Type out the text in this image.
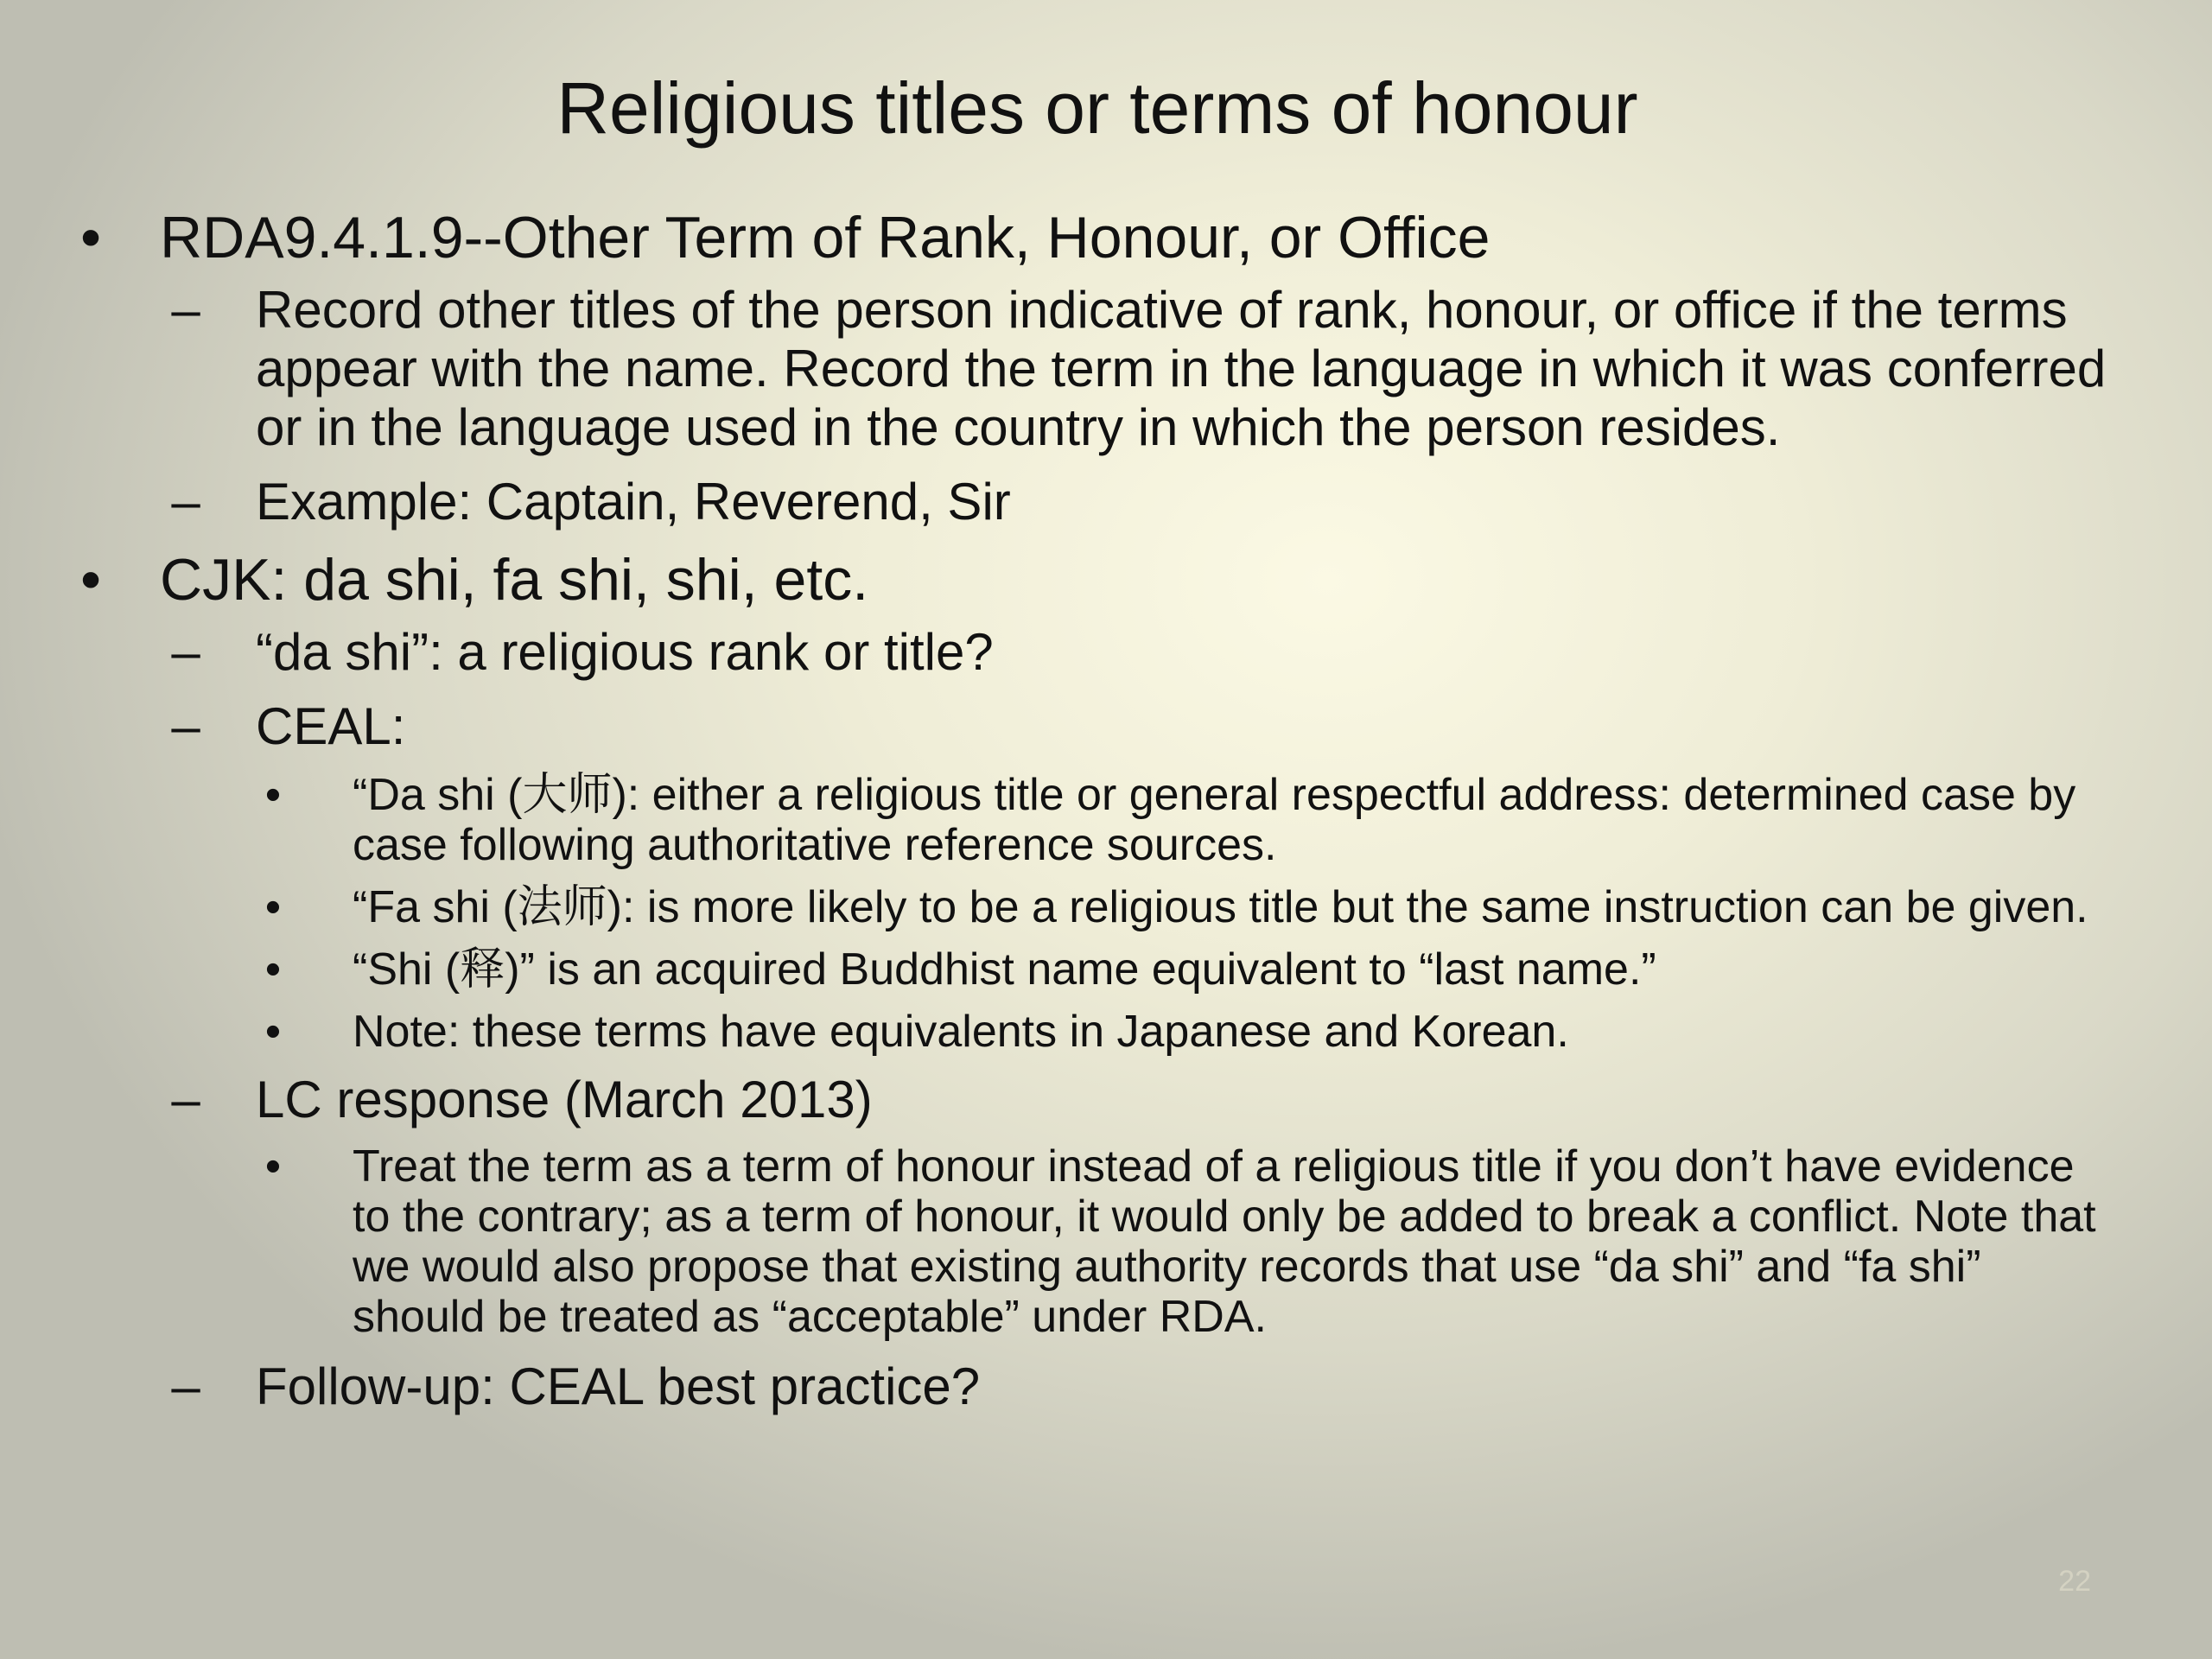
Religious titles or terms of honour
• RDA9.4.1.9--Other Term of Rank, Honour, or Office
– Record other titles of the person indicative of rank, honour, or office if the terms appear with the name. Record the term in the language in which it was conferred or in the language used in the country in which the person resides.
– Example: Captain, Reverend, Sir
• CJK: da shi, fa shi, shi, etc.
– “da shi”: a religious rank or title?
– CEAL:
• “Da shi (大师): either a religious title or general respectful address: determined case by case following authoritative reference sources.
• “Fa shi (法师): is more likely to be a religious title but the same instruction can be given.
• “Shi (释)” is an acquired Buddhist name equivalent to “last name.”
• Note: these terms have equivalents in Japanese and Korean.
– LC response (March 2013)
• Treat the term as a term of honour instead of a religious title if you don’t have evidence to the contrary; as a term of honour, it would only be added to break a conflict. Note that we would also propose that existing authority records that use “da shi” and “fa shi” should be treated as “acceptable” under RDA.
– Follow-up: CEAL best practice?
22
